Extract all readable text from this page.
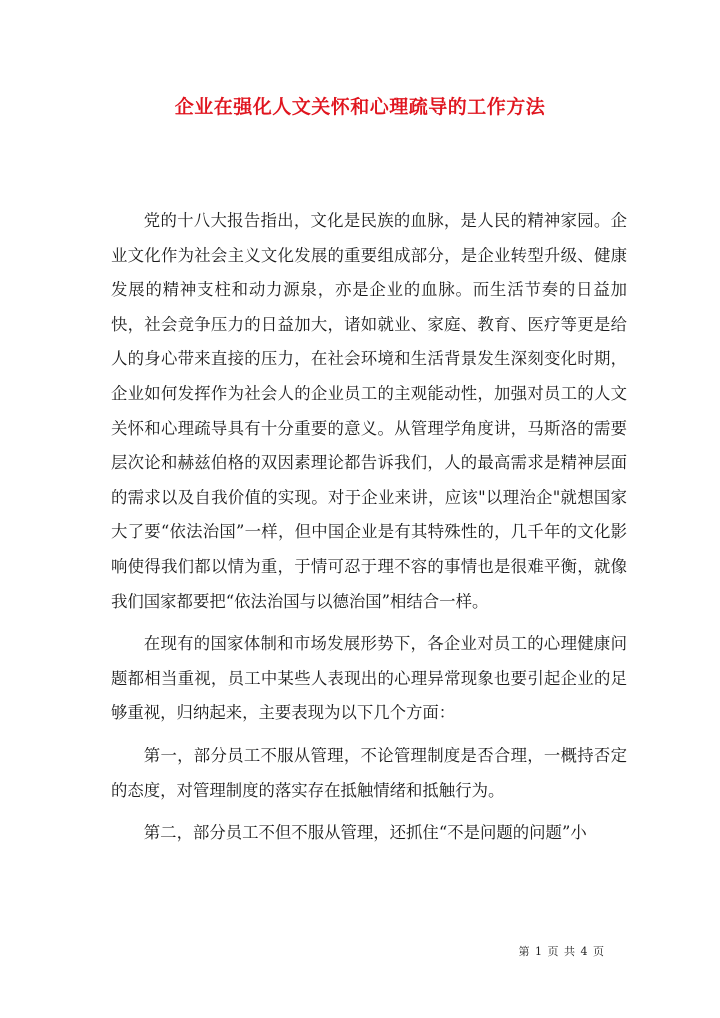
企业在强化人文关怀和心理疏导的工作方法

党的十八大报告指出，文化是民族的血脉，是人民的精神家园。企业文化作为社会主义文化发展的重要组成部分，是企业转型升级、健康发展的精神支柱和动力源泉，亦是企业的血脉。而生活节奏的日益加快，社会竞争压力的日益加大，诸如就业、家庭、教育、医疗等更是给人的身心带来直接的压力，在社会环境和生活背景发生深刻变化时期，企业如何发挥作为社会人的企业员工的主观能动性，加强对员工的人文关怀和心理疏导具有十分重要的意义。从管理学角度讲，马斯洛的需要层次论和赫兹伯格的双因素理论都告诉我们，人的最高需求是精神层面的需求以及自我价值的实现。对于企业来讲，应该"以理治企"就想国家大了要“依法治国”一样，但中国企业是有其特殊性的，几千年的文化影响使得我们都以情为重，于情可忍于理不容的事情也是很难平衡，就像我们国家都要把“依法治国与以德治国”相结合一样。

在现有的国家体制和市场发展形势下，各企业对员工的心理健康问题都相当重视，员工中某些人表现出的心理异常现象也要引起企业的足够重视，归纳起来，主要表现为以下几个方面：

第一，部分员工不服从管理，不论管理制度是否合理，一概持否定的态度，对管理制度的落实存在抵触情绪和抵触行为。

第二，部分员工不但不服从管理，还抓住“不是问题的问题”小

第 1 页 共 4 页
